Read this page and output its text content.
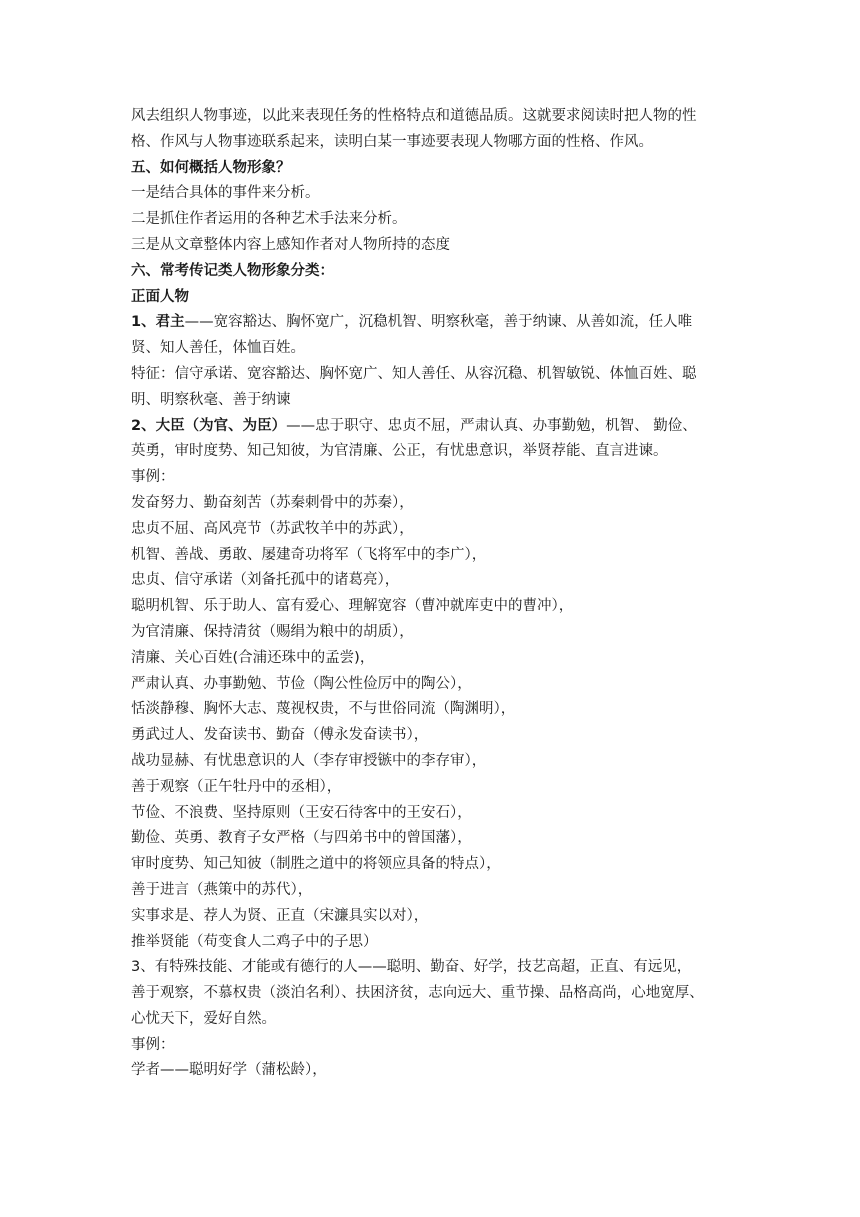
风去组织人物事迹，以此来表现任务的性格特点和道德品质。这就要求阅读时把人物的性

格、作风与人物事迹联系起来，读明白某一事迹要表现人物哪方面的性格、作风。

五、如何概括人物形象？

一是结合具体的事件来分析。

二是抓住作者运用的各种艺术手法来分析。

三是从文章整体内容上感知作者对人物所持的态度

六、常考传记类人物形象分类：

正面人物

1、君主——宽容豁达、胸怀宽广，沉稳机智、明察秋毫，善于纳谏、从善如流，任人唯

贤、知人善任，体恤百姓。

特征：信守承诺、宽容豁达、胸怀宽广、知人善任、从容沉稳、机智敏锐、体恤百姓、聪

明、明察秋毫、善于纳谏

2、大臣（为官、为臣）——忠于职守、忠贞不屈，严肃认真、办事勤勉，机智、 勤俭、

英勇，审时度势、知己知彼，为官清廉、公正，有忧患意识，举贤荐能、直言进谏。

事例：

发奋努力、勤奋刻苦（苏秦刺骨中的苏秦），

忠贞不屈、高风亮节（苏武牧羊中的苏武），

机智、善战、勇敢、屡建奇功将军（飞将军中的李广），

忠贞、信守承诺（刘备托孤中的诸葛亮），

聪明机智、乐于助人、富有爱心、理解宽容（曹冲就库吏中的曹冲），

为官清廉、保持清贫（赐绢为粮中的胡质），

清廉、关心百姓(合浦还珠中的孟尝)，

严肃认真、办事勤勉、节俭（陶公性俭厉中的陶公），

恬淡静穆、胸怀大志、蔑视权贵，不与世俗同流（陶渊明），

勇武过人、发奋读书、勤奋（傅永发奋读书），

战功显赫、有忧患意识的人（李存审授镞中的李存审），

善于观察（正午牡丹中的丞相），

节俭、不浪费、坚持原则（王安石待客中的王安石），

勤俭、英勇、教育子女严格（与四弟书中的曾国藩），

审时度势、知己知彼（制胜之道中的将领应具备的特点），

善于进言（燕策中的苏代），

实事求是、荐人为贤、正直（宋濂具实以对），

推举贤能（苟变食人二鸡子中的子思）

3、有特殊技能、才能或有德行的人——聪明、勤奋、好学，技艺高超，正直、有远见，

善于观察，不慕权贵（淡泊名利）、扶困济贫，志向远大、重节操、品格高尚，心地宽厚、

心忧天下，爱好自然。

事例：

学者——聪明好学（蒲松龄），
